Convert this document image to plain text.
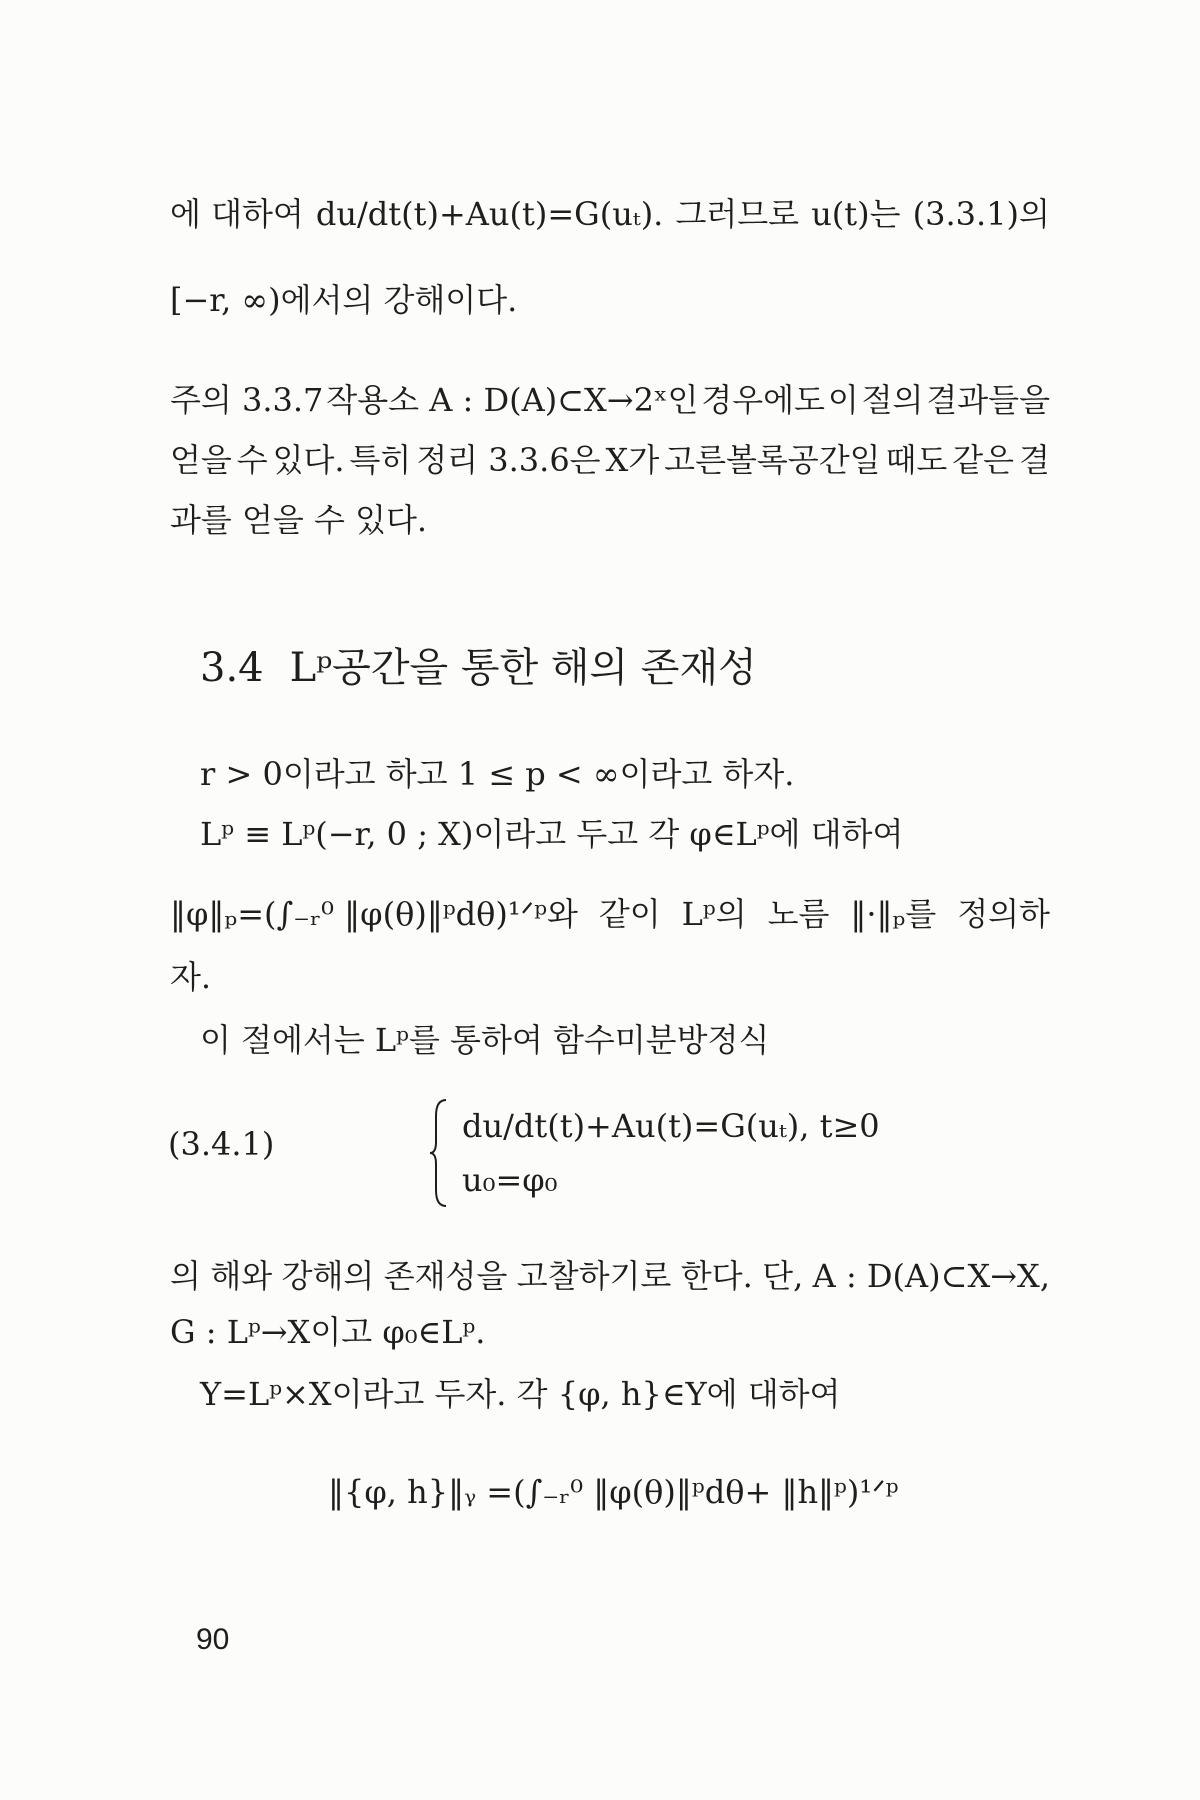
에 대하여 du/dt(t)+Au(t)=G(uₜ). 그러므로 u(t)는 (3.3.1)의
[−r, ∞)에서의 강해이다.
주의 3.3.7 작용소 A : D(A)⊂X→2ˣ인 경우에도 이 절의 결과들을
얻을 수 있다. 특히 정리 3.3.6은 X가 고른볼록공간일 때도 같은 결
과를 얻을 수 있다.
3.4 Lᵖ공간을 통한 해의 존재성
r > 0이라고 하고 1 ≤ p < ∞이라고 하자.
Lᵖ ≡ Lᵖ(−r, 0 ; X)이라고 두고 각 φ∈Lᵖ에 대하여
‖φ‖ₚ=(∫₋ᵣ⁰ ‖φ(θ)‖ᵖdθ)¹ᐟᵖ와 같이 Lᵖ의 노름 ‖·‖ₚ를 정의하
자.
이 절에서는 Lᵖ를 통하여 함수미분방정식
(3.4.1)	du/dt(t)+Au(t)=G(uₜ), t≥0
u₀=φ₀
의 해와 강해의 존재성을 고찰하기로 한다. 단, A : D(A)⊂X→X,
G : Lᵖ→X이고 φ₀∈Lᵖ.
Y=Lᵖ×X이라고 두자. 각 {φ, h}∈Y에 대하여
‖{φ, h}‖ᵧ =(∫₋ᵣ⁰ ‖φ(θ)‖ᵖdθ+ ‖h‖ᵖ)¹ᐟᵖ
90
